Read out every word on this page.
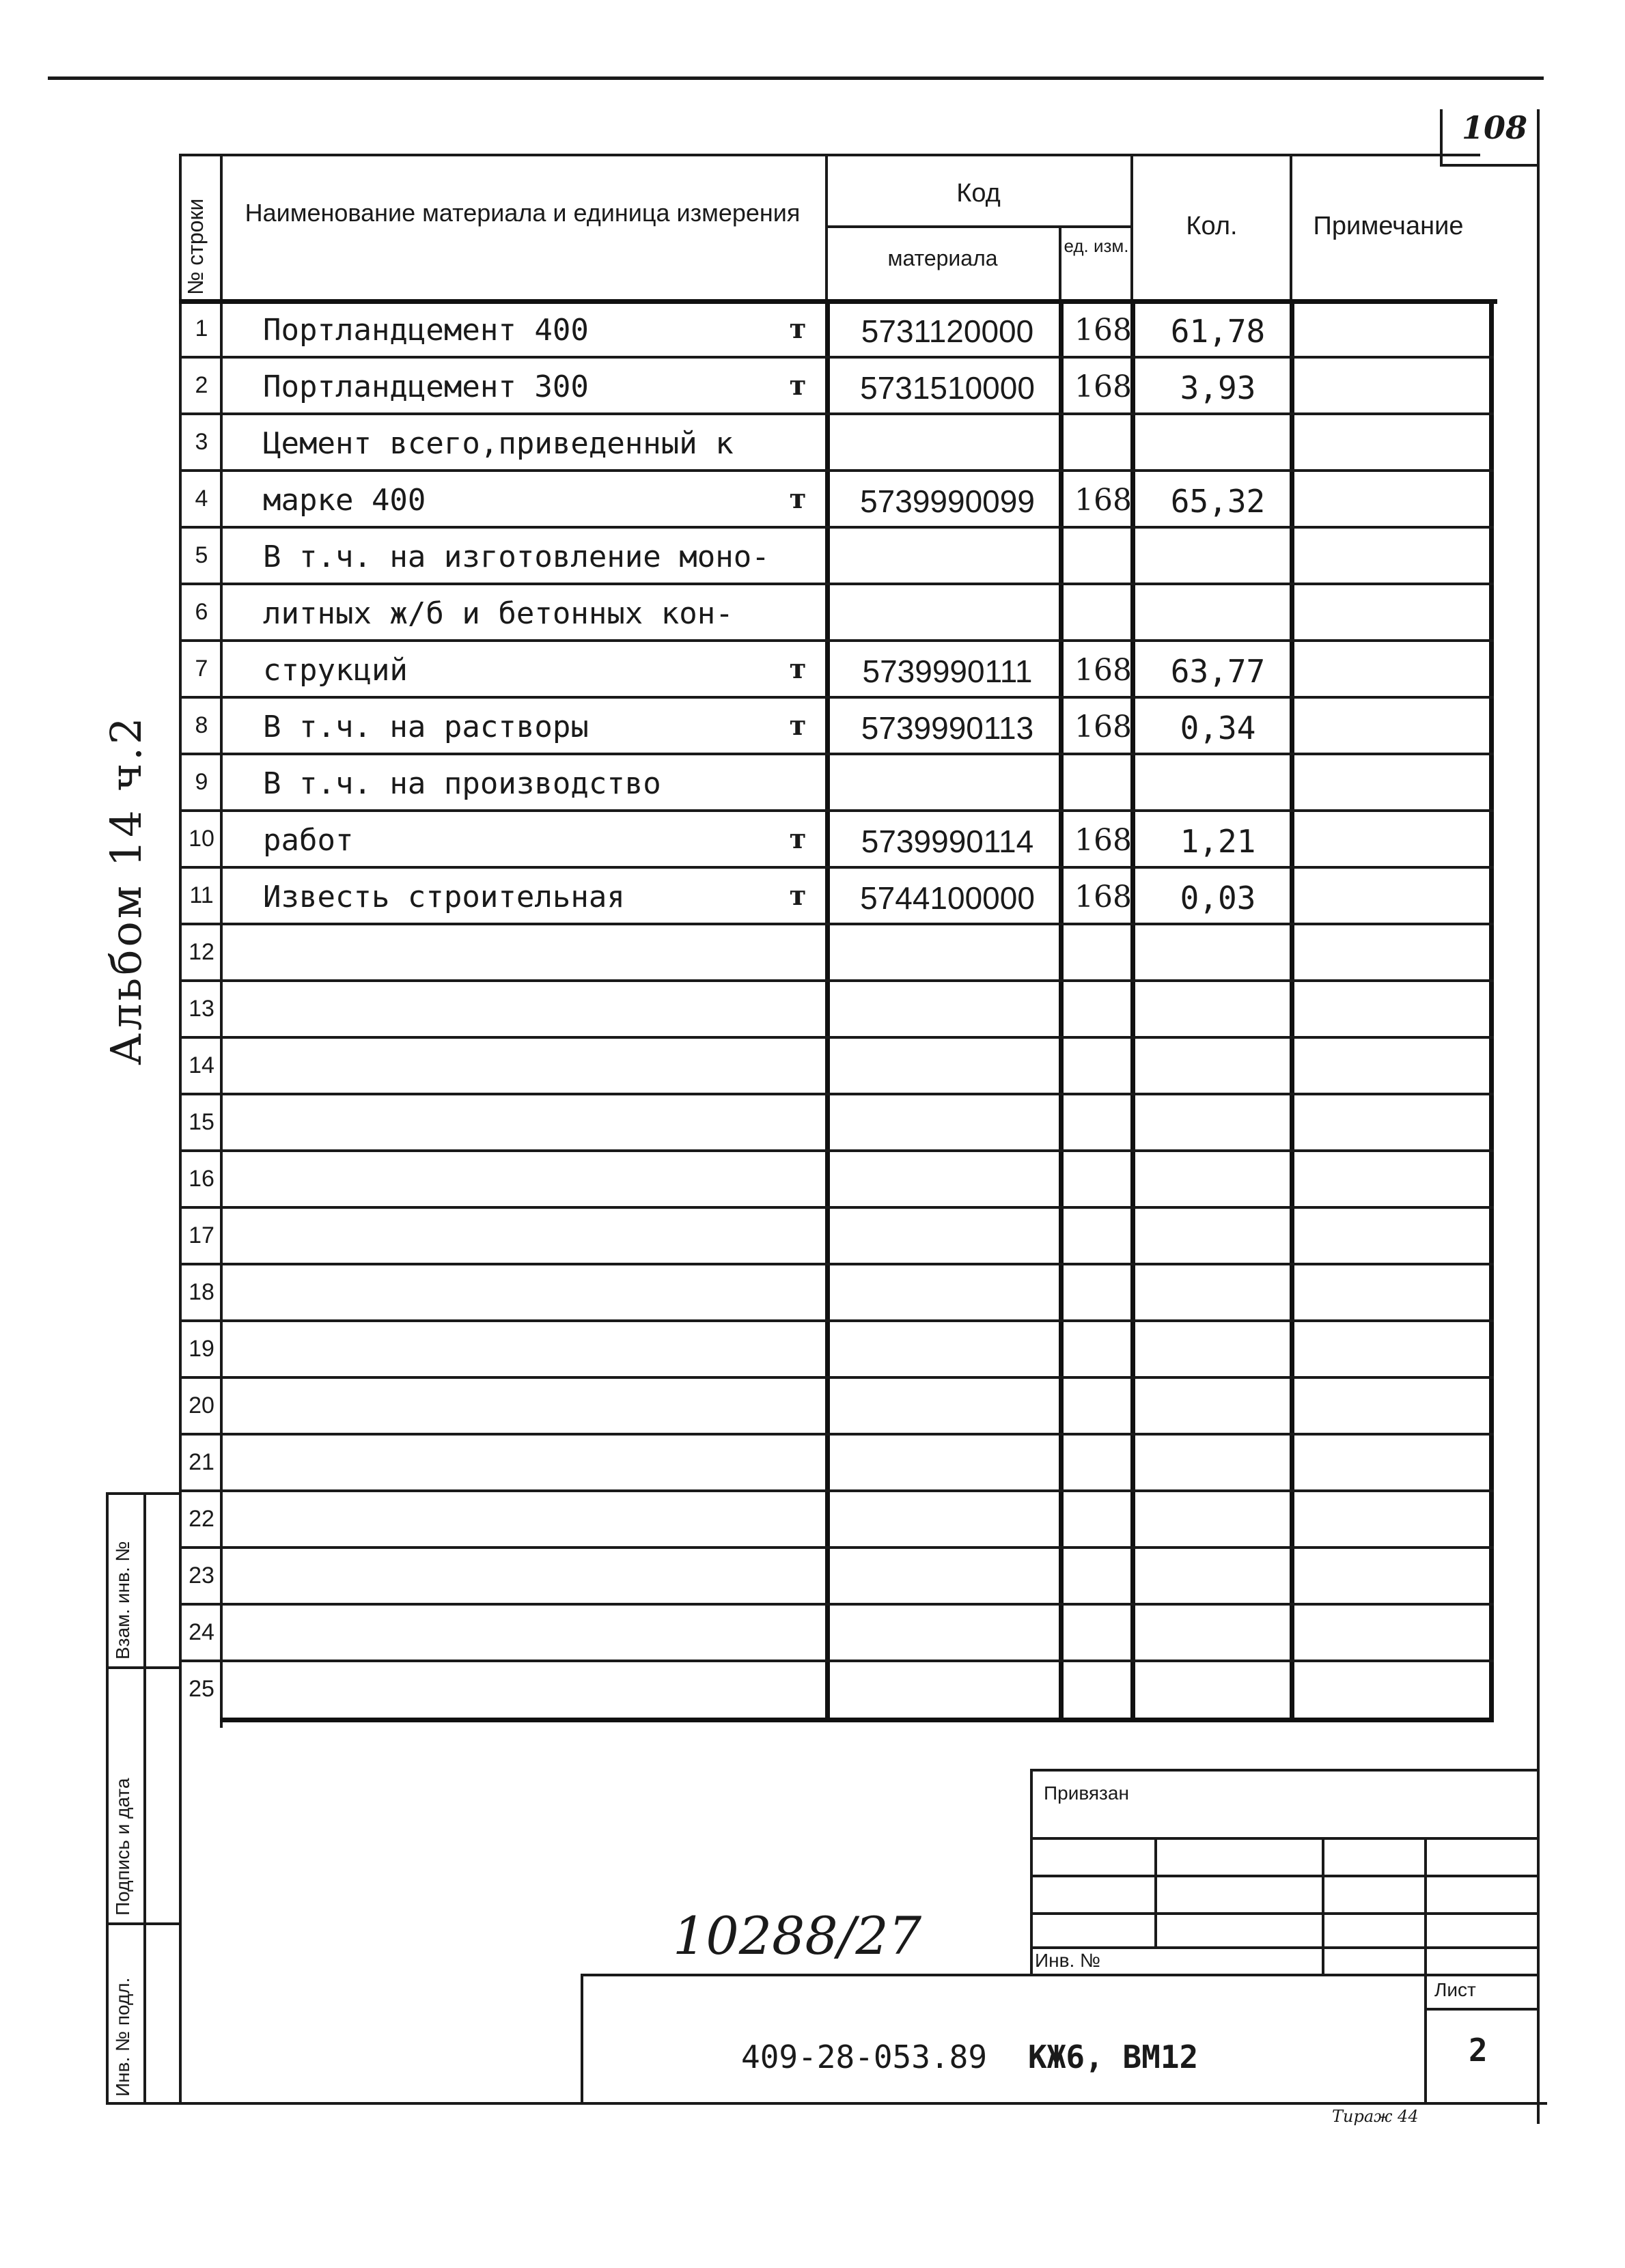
108
№ строки	Наименование материала и единица измерения
Код
материала	ед. изм.
Кол.	Примечание
1	Портландцемент 400	т	5731120000	168	61,78
2	Портландцемент 300	т	5731510000	168	3,93
3	Цемент всего,приведенный к
4	марке 400	т	5739990099	168	65,32
5	В т.ч. на изготовление моно-
6	литных ж/б и бетонных кон-
7	струкций	т	5739990111	168	63,77
8	В т.ч. на растворы	т	5739990113	168	0,34
9	В т.ч. на производство
10 работ	т	5739990114	168	1,21
11 Известь строительная	т	5744100000	168	0,03
12
13
14
15
16
17
18
19
20
21
22
23
24
25
Альбом 14 ч.2
Взам. инв. №
Подпись и дата
Инв. № подл.
Привязан
Инв. №
409-28-053.89 КЖ6, ВМ12
Лист
2
10288/27
Тираж 44
